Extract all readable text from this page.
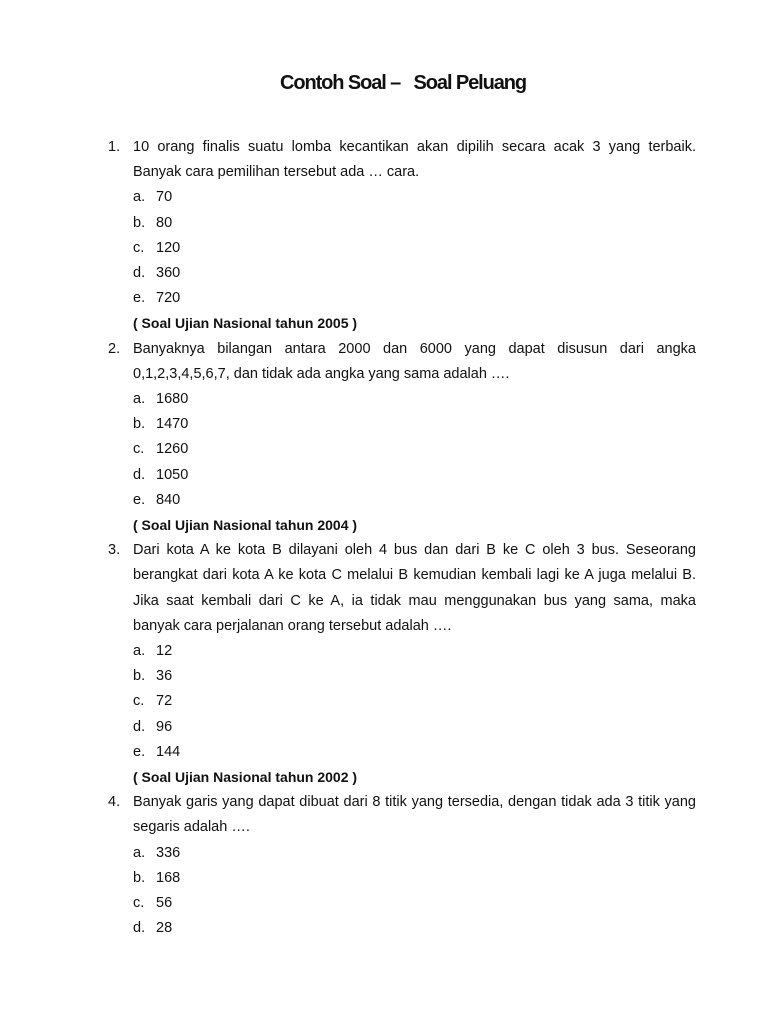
Contoh Soal –   Soal Peluang
1. 10 orang finalis suatu lomba kecantikan akan dipilih secara acak 3 yang terbaik. Banyak cara pemilihan tersebut ada … cara.
a. 70
b. 80
c. 120
d. 360
e. 720
( Soal Ujian Nasional tahun 2005 )
2. Banyaknya bilangan antara 2000 dan 6000 yang dapat disusun dari angka 0,1,2,3,4,5,6,7, dan tidak ada angka yang sama adalah ….
a. 1680
b. 1470
c. 1260
d. 1050
e. 840
( Soal Ujian Nasional tahun 2004 )
3. Dari kota A ke kota B dilayani oleh 4 bus dan dari B ke C oleh 3 bus. Seseorang berangkat dari kota A ke kota C melalui B kemudian kembali lagi ke A juga melalui B. Jika saat kembali dari C ke A, ia tidak mau menggunakan bus yang sama, maka banyak cara perjalanan orang tersebut adalah ….
a. 12
b. 36
c. 72
d. 96
e. 144
( Soal Ujian Nasional tahun 2002 )
4. Banyak garis yang dapat dibuat dari 8 titik yang tersedia, dengan tidak ada 3 titik yang segaris adalah ….
a. 336
b. 168
c. 56
d. 28
